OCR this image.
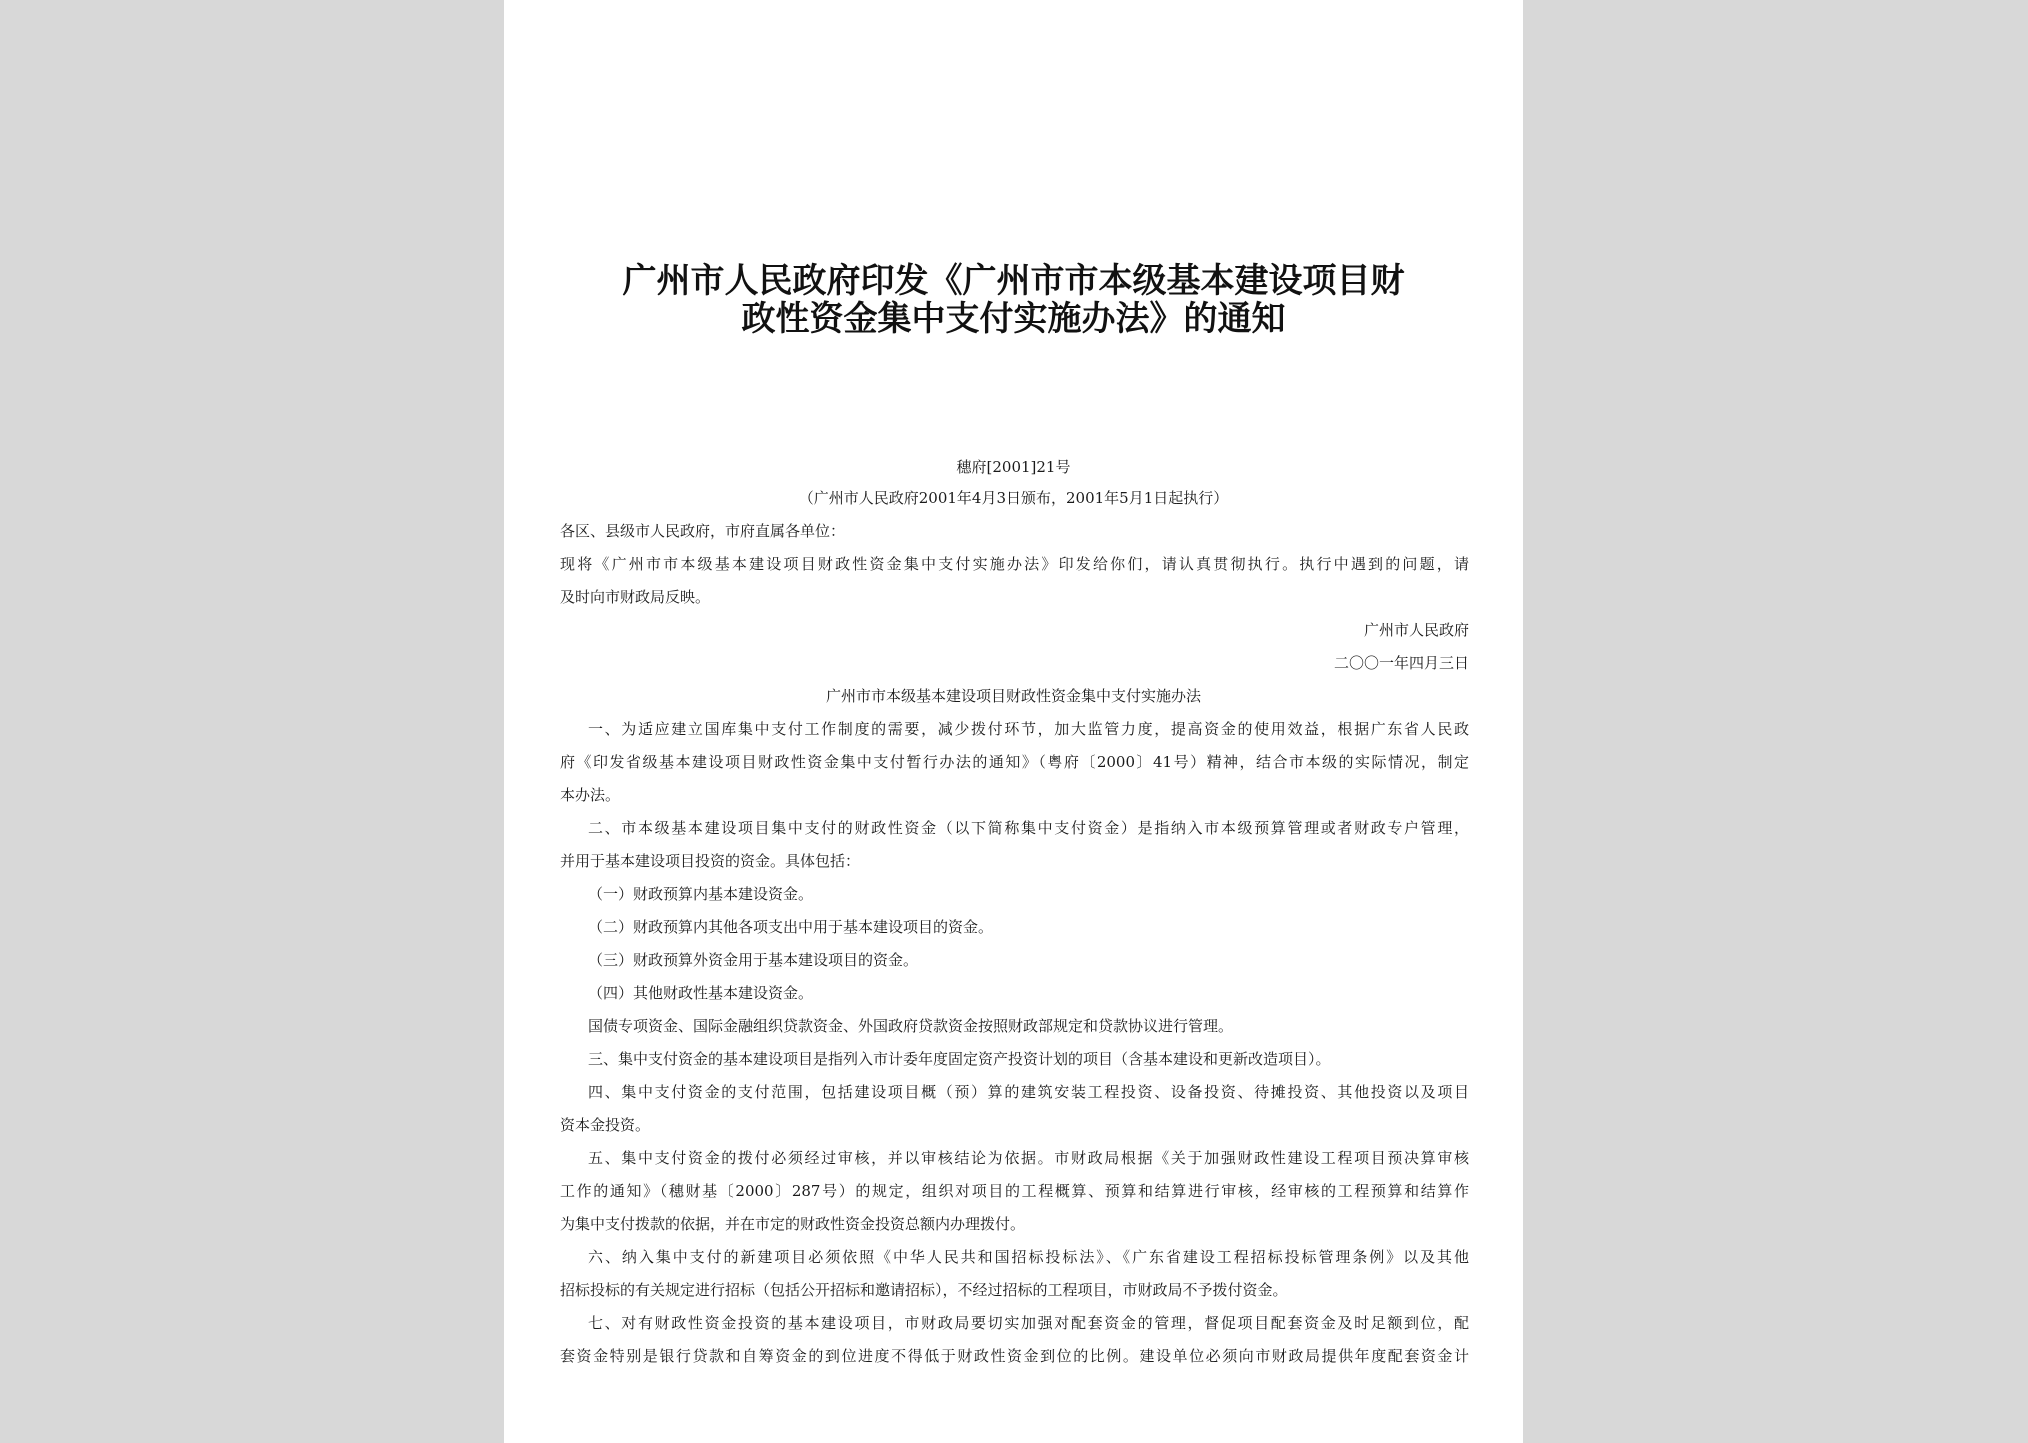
广州市人民政府印发《广州市市本级基本建设项目财
政性资金集中支付实施办法》的通知
穗府[2001]21号
（广州市人民政府2001年4月3日颁布，2001年5月1日起执行）
各区、县级市人民政府，市府直属各单位：
现将《广州市市本级基本建设项目财政性资金集中支付实施办法》印发给你们，请认真贯彻执行。执行中遇到的问题，请
及时向市财政局反映。
广州市人民政府
二〇〇一年四月三日
广州市市本级基本建设项目财政性资金集中支付实施办法
一、为适应建立国库集中支付工作制度的需要，减少拨付环节，加大监管力度，提高资金的使用效益，根据广东省人民政
府《印发省级基本建设项目财政性资金集中支付暂行办法的通知》（粤府〔2000〕41号）精神，结合市本级的实际情况，制定
本办法。
二、市本级基本建设项目集中支付的财政性资金（以下简称集中支付资金）是指纳入市本级预算管理或者财政专户管理，
并用于基本建设项目投资的资金。具体包括：
（一）财政预算内基本建设资金。
（二）财政预算内其他各项支出中用于基本建设项目的资金。
（三）财政预算外资金用于基本建设项目的资金。
（四）其他财政性基本建设资金。
国债专项资金、国际金融组织贷款资金、外国政府贷款资金按照财政部规定和贷款协议进行管理。
三、集中支付资金的基本建设项目是指列入市计委年度固定资产投资计划的项目（含基本建设和更新改造项目）。
四、集中支付资金的支付范围，包括建设项目概（预）算的建筑安装工程投资、设备投资、待摊投资、其他投资以及项目
资本金投资。
五、集中支付资金的拨付必须经过审核，并以审核结论为依据。市财政局根据《关于加强财政性建设工程项目预决算审核
工作的通知》（穗财基〔2000〕287号）的规定，组织对项目的工程概算、预算和结算进行审核，经审核的工程预算和结算作
为集中支付拨款的依据，并在市定的财政性资金投资总额内办理拨付。
六、纳入集中支付的新建项目必须依照《中华人民共和国招标投标法》、《广东省建设工程招标投标管理条例》以及其他
招标投标的有关规定进行招标（包括公开招标和邀请招标），不经过招标的工程项目，市财政局不予拨付资金。
七、对有财政性资金投资的基本建设项目，市财政局要切实加强对配套资金的管理，督促项目配套资金及时足额到位，配
套资金特别是银行贷款和自筹资金的到位进度不得低于财政性资金到位的比例。建设单位必须向市财政局提供年度配套资金计
